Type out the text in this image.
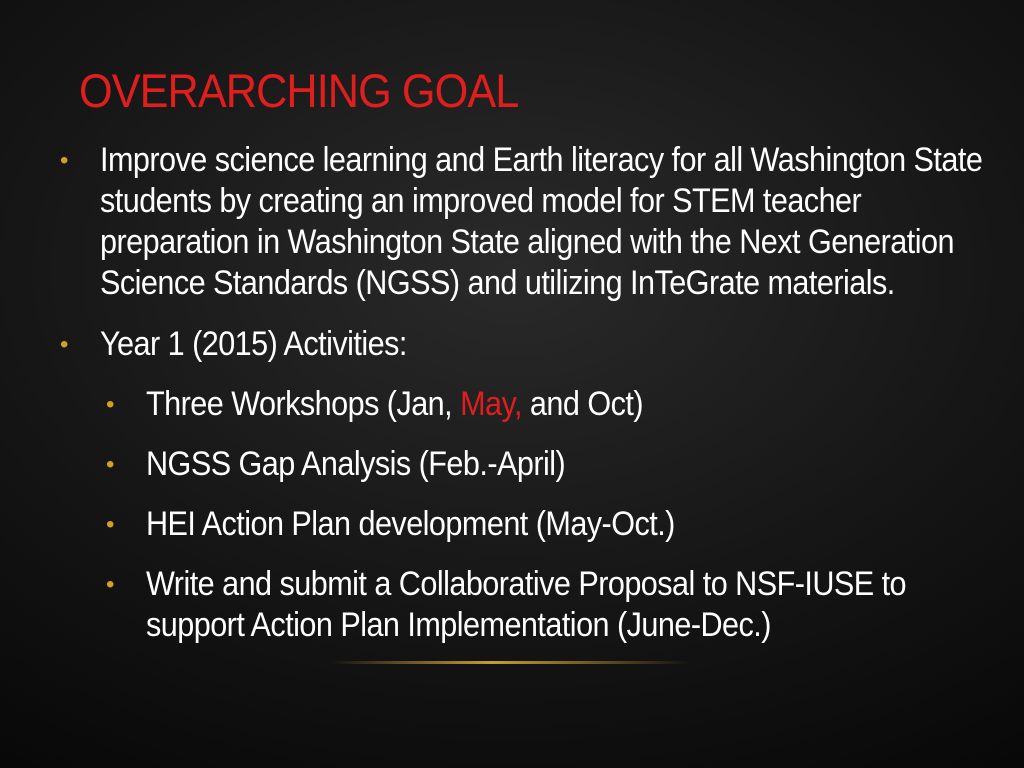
OVERARCHING GOAL
• Improve science learning and Earth literacy for all Washington State students by creating an improved model for STEM teacher preparation in Washington State aligned with the Next Generation Science Standards (NGSS) and utilizing InTeGrate materials.
• Year 1 (2015) Activities:
• Three Workshops (Jan, May, and Oct)
• NGSS Gap Analysis (Feb.-April)
• HEI Action Plan development (May-Oct.)
• Write and submit a Collaborative Proposal to NSF-IUSE to support Action Plan Implementation (June-Dec.)
